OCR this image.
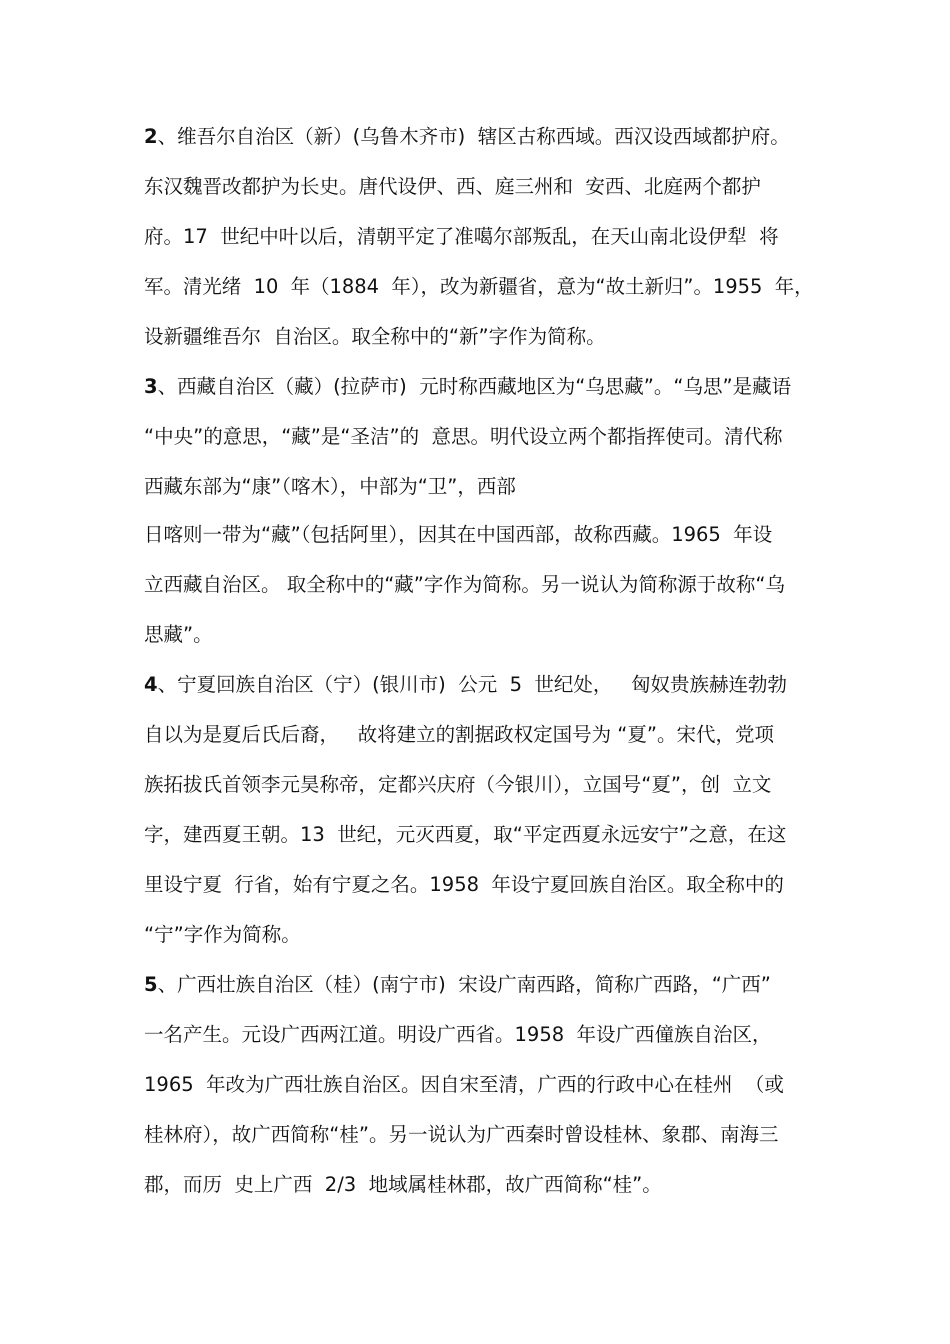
2、维吾尔自治区（新）(乌鲁木齐市)  辖区古称西域。西汉设西域都护府。
东汉魏晋改都护为长史。唐代设伊、西、庭三州和  安西、北庭两个都护
府。17  世纪中叶以后，清朝平定了准噶尔部叛乱，在天山南北设伊犁  将
军。清光绪  10  年（1884  年），改为新疆省，意为“故土新归”。1955  年，
设新疆维吾尔  自治区。取全称中的“新”字作为简称。
3、西藏自治区（藏）(拉萨市)  元时称西藏地区为“乌思藏”。“乌思”是藏语
“中央”的意思，“藏”是“圣洁”的  意思。明代设立两个都指挥使司。清代称
西藏东部为“康”（喀木），中部为“卫”，西部
日喀则一带为“藏”（包括阿里），因其在中国西部，故称西藏。1965  年设
立西藏自治区。 取全称中的“藏”字作为简称。另一说认为简称源于故称“乌
思藏”。
4、宁夏回族自治区（宁）(银川市)  公元  5  世纪处，   匈奴贵族赫连勃勃
自以为是夏后氏后裔，   故将建立的割据政权定国号为 “夏”。宋代，党项
族拓拔氏首领李元昊称帝，定都兴庆府（今银川），立国号“夏”，创  立文
字，建西夏王朝。13  世纪，元灭西夏，取“平定西夏永远安宁”之意，在这
里设宁夏  行省，始有宁夏之名。1958  年设宁夏回族自治区。取全称中的
“宁”字作为简称。
5、广西壮族自治区（桂）(南宁市)  宋设广南西路，简称广西路，“广西”
一名产生。元设广西两江道。明设广西省。1958  年设广西僮族自治区，
1965  年改为广西壮族自治区。因自宋至清，广西的行政中心在桂州  （或
桂林府），故广西简称“桂”。另一说认为广西秦时曾设桂林、象郡、南海三
郡，而历  史上广西  2/3  地域属桂林郡，故广西简称“桂”。
